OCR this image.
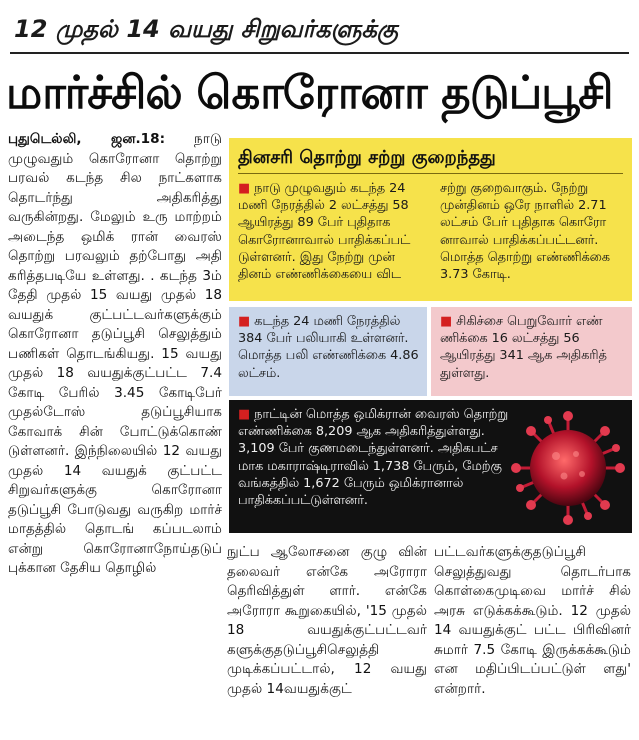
12 முதல் 14 வயது சிறுவர்களுக்கு
மார்ச்சில் கொரோனா தடுப்பூசி
புதுடெல்லி, ஜன.18: நாடு முழுவதும் கொரோனா தொற்று பரவல் கடந்த சில நாட்களாக தொடர்ந்து அதிகரித்து வருகின்றது. மேலும் உரு மாற்றம் அடைந்த ஒமிக் ரான் வைரஸ் தொற்று பரவலும் தற்போது அதி கரித்தபடியே உள்ளது. . கடந்த 3ம் தேதி முதல் 15 வயது முதல் 18 வயதுக் குட்பட்டவர்களுக்கும் கொரோனா தடுப்பூசி செலுத்தும் பணிகள் தொடங்கியது. 15 வயது முதல் 18 வயதுக்குட்பட்ட 7.4 கோடி பேரில் 3.45 கோடிபேர் முதல்டோஸ் தடுப்பூசியாக கோவாக் சின் போட்டுக்கொண் டுள்ளனர். இந்நிலையில் 12 வயது முதல் 14 வயதுக் குட்பட்ட சிறுவர்களுக்கு கொரோனா தடுப்பூசி போடுவது வருகிற மார்ச் மாதத்தில் தொடங் கப்படலாம் என்று கொரோனாநோய்தடுப் புக்கான தேசிய தொழில்
தினசரி தொற்று சற்று குறைந்தது
■ நாடு முழுவதும் கடந்த 24 மணி நேரத்தில் 2 லட்சத்து 58 ஆயிரத்து 89 பேர் புதிதாக கொரோனாவால் பாதிக்கப்பட் டுள்ளனர். இது நேற்று முன் தினம் எண்ணிக்கையை விட
சற்று குறைவாகும். நேற்று முன்தினம் ஒரே நாளில் 2.71 லட்சம் பேர் புதிதாக கொரோ னாவால் பாதிக்கப்பட்டனர். மொத்த தொற்று எண்ணிக்கை 3.73 கோடி.
■ கடந்த 24 மணி நேரத்தில் 384 பேர் பலியாகி உள்ளனர். மொத்த பலி எண்ணிக்கை 4.86 லட்சம்.
■ சிகிச்சை பெறுவோர் எண் ணிக்கை 16 லட்சத்து 56 ஆயிரத்து 341 ஆக அதிகரித் துள்ளது.
■ நாட்டின் மொத்த ஒமிக்ரான் வைரஸ் தொற்று எண்ணிக்கை 8,209 ஆக அதிகரித்துள்ளது. 3,109 பேர் குணமடைந்துள்ளனர். அதிகபட்ச மாக மகாராஷ்டிராவில் 1,738 பேரும், மேற்கு வங்கத்தில் 1,672 பேரும் ஒமிக்ரானால் பாதிக்கப்பட்டுள்ளனர்.
நுட்ப ஆலோசனை குழு வின் தலைவர் என்கே அரோரா தெரிவித்துள் ளார். என்கே அரோரா கூறுகையில், '15 முதல் 18 வயதுக்குட்பட்டவர் களுக்குதடுப்பூசிசெலுத்தி முடிக்கப்பட்டால், 12 வயது முதல் 14வயதுக்குட்
பட்டவர்களுக்குதடுப்பூசி செலுத்துவது தொடர்பாக கொள்கைமுடிவை மார்ச் சில் அரசு எடுக்கக்கூடும். 12 முதல் 14 வயதுக்குட் பட்ட பிரிவினர் சுமார் 7.5 கோடி இருக்கக்கூடும் என மதிப்பிடப்பட்டுள் ளது' என்றார்.
